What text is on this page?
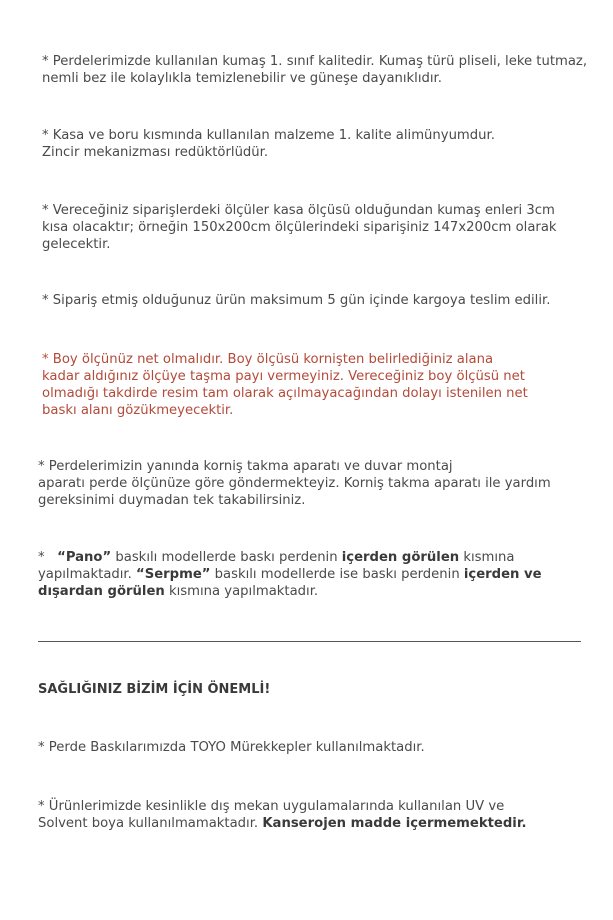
* Perdelerimizde kullanılan kumaş 1. sınıf kalitedir. Kumaş türü pliseli, leke tutmaz,
nemli bez ile kolaylıkla temizlenebilir ve güneşe dayanıklıdır.

* Kasa ve boru kısmında kullanılan malzeme 1. kalite alimünyumdur.
Zincir mekanizması redüktörlüdür.

* Vereceğiniz siparişlerdeki ölçüler kasa ölçüsü olduğundan kumaş enleri 3cm
kısa olacaktır; örneğin 150x200cm ölçülerindeki siparişiniz 147x200cm olarak
gelecektir.

* Sipariş etmiş olduğunuz ürün maksimum 5 gün içinde kargoya teslim edilir.

* Boy ölçünüz net olmalıdır. Boy ölçüsü kornişten belirlediğiniz alana
kadar aldığınız ölçüye taşma payı vermeyiniz. Vereceğiniz boy ölçüsü net
olmadığı takdirde resim tam olarak açılmayacağından dolayı istenilen net
baskı alanı gözükmeyecektir.

* Perdelerimizin yanında korniş takma aparatı ve duvar montaj
aparatı perde ölçünüze göre göndermekteyiz. Korniş takma aparatı ile yardım
gereksinimi duymadan tek takabilirsiniz.

*   “Pano” baskılı modellerde baskı perdenin içerden görülen kısmına
yapılmaktadır. “Serpme” baskılı modellerde ise baskı perdenin içerden ve
dışardan görülen kısmına yapılmaktadır.

SAĞLIĞINIZ BİZİM İÇİN ÖNEMLİ!

* Perde Baskılarımızda TOYO Mürekkepler kullanılmaktadır.

* Ürünlerimizde kesinlikle dış mekan uygulamalarında kullanılan UV ve
Solvent boya kullanılmamaktadır. Kanserojen madde içermemektedir.
